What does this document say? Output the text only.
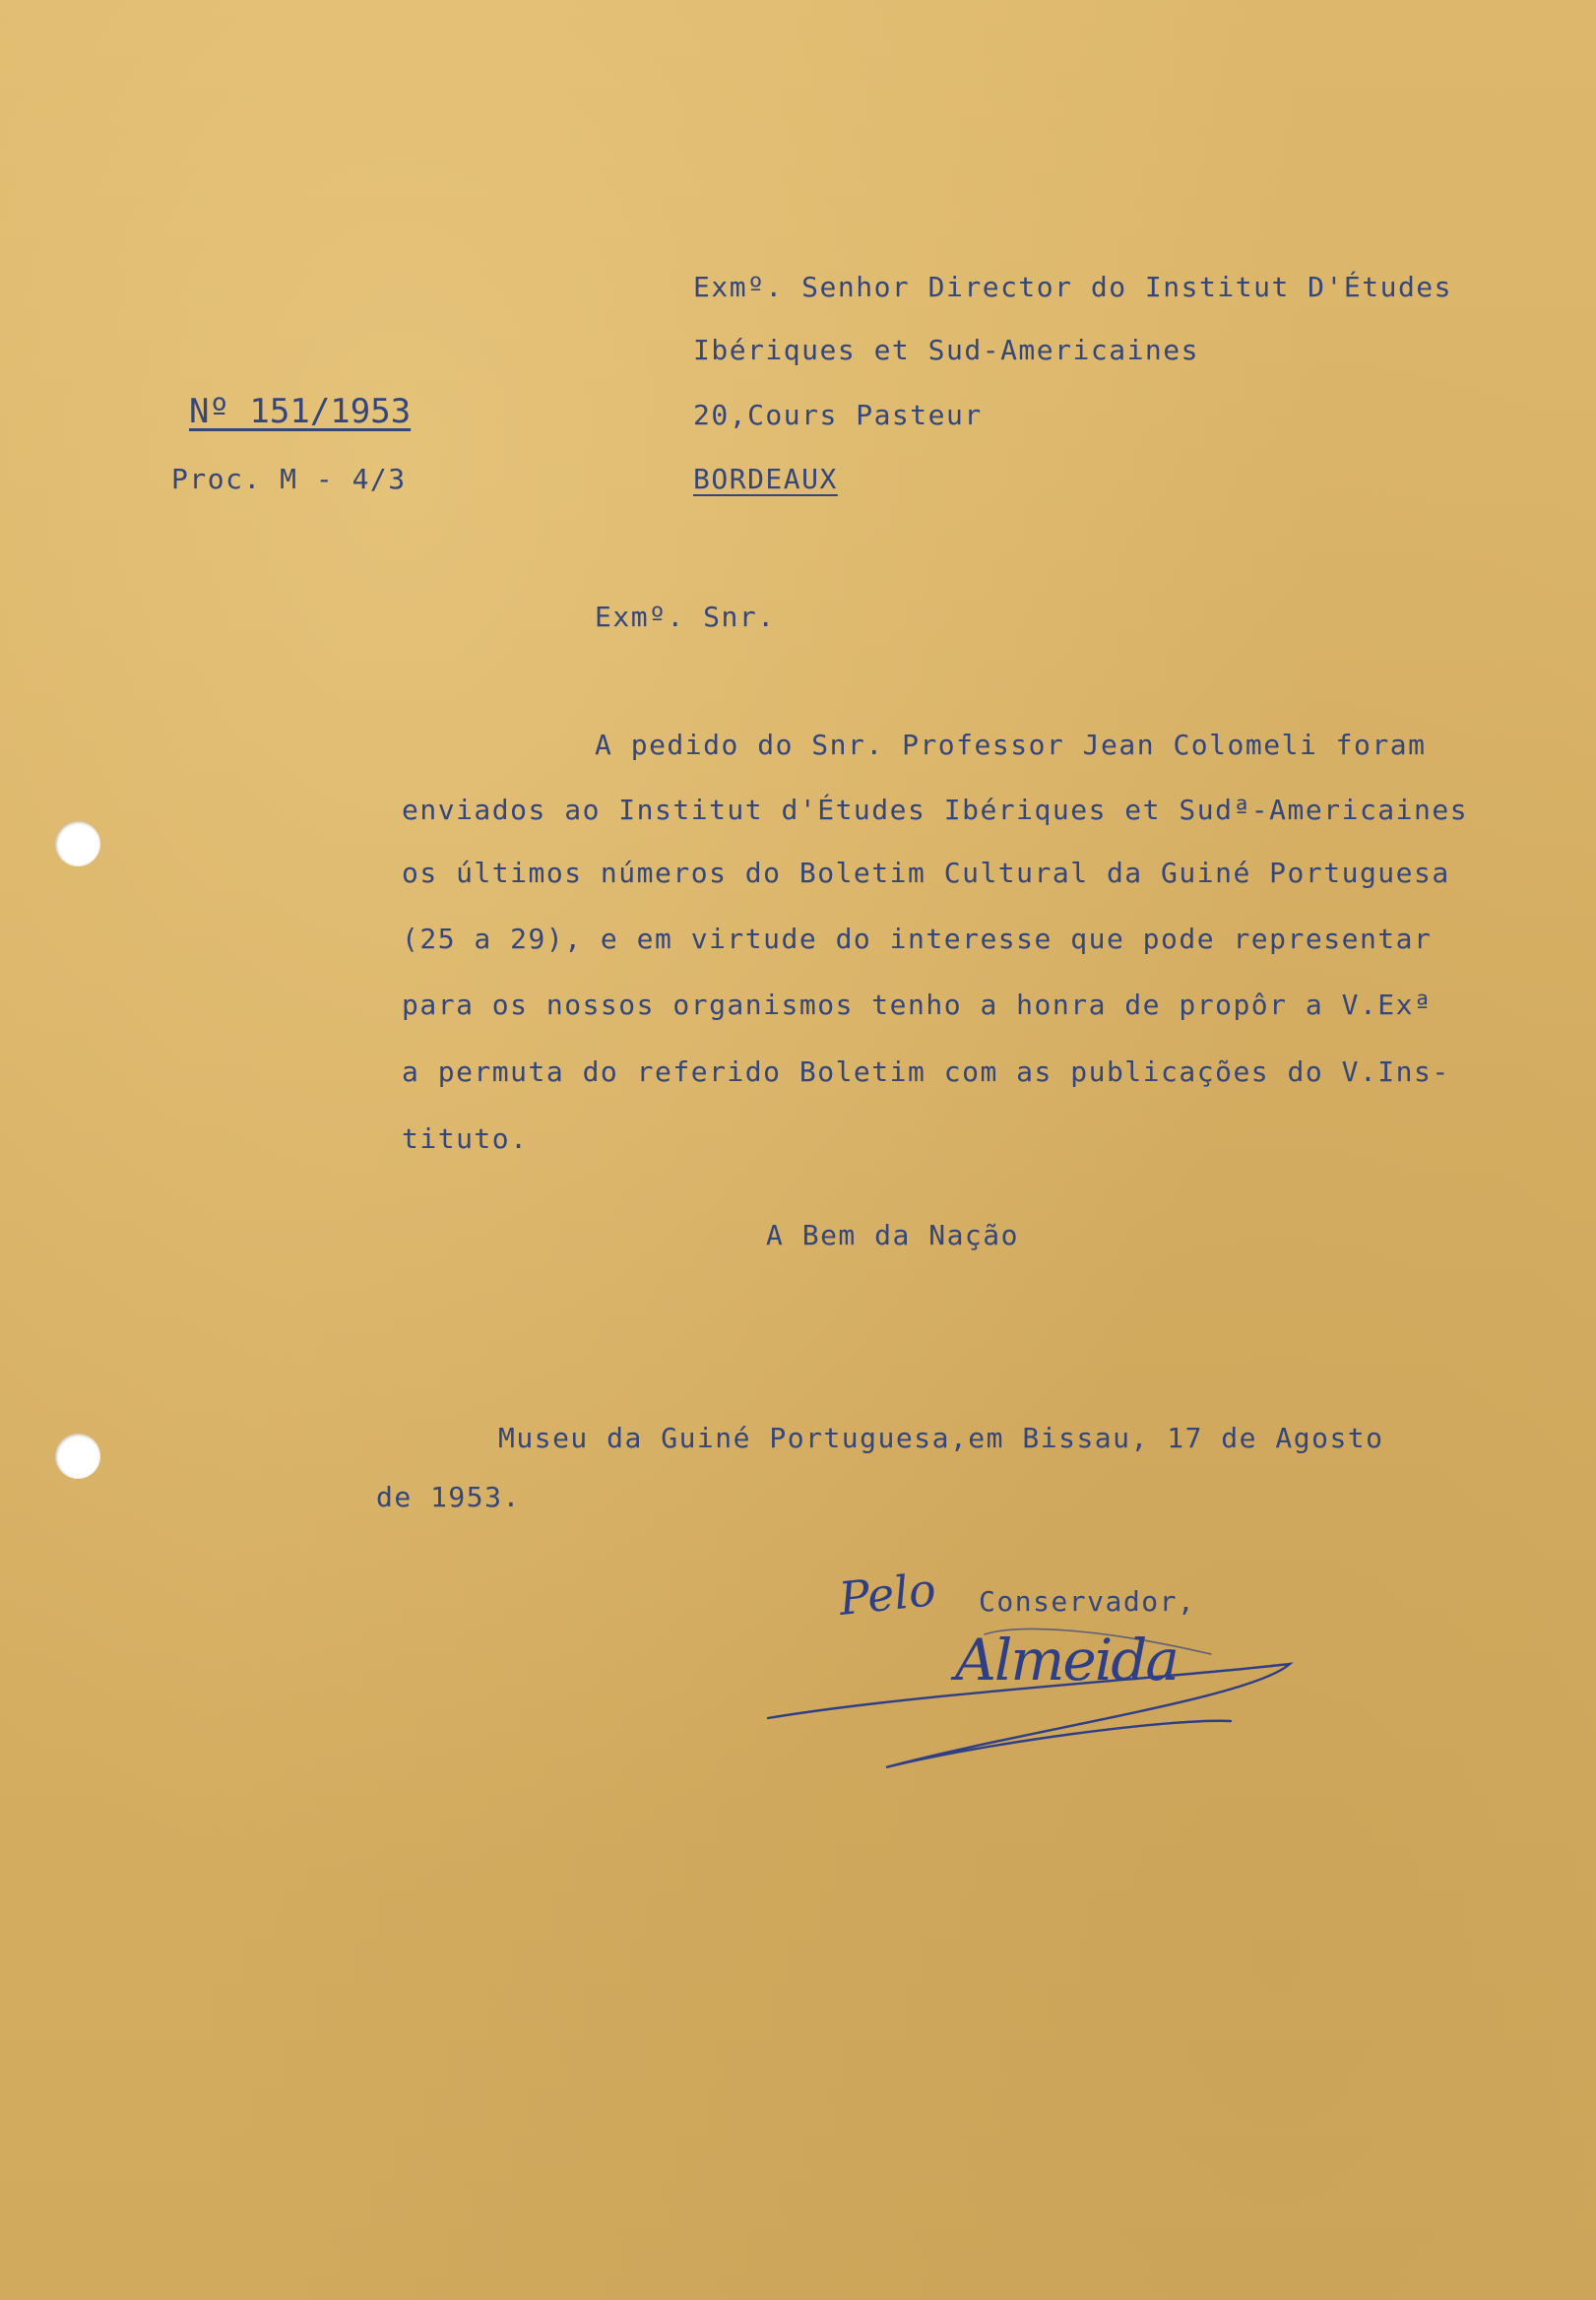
Nº 151/1953
Proc. M - 4/3
Exmº. Senhor Director do Institut D'Études
Ibériques et Sud-Americaines
20,Cours Pasteur
BORDEAUX
Exmº. Snr.
A pedido do Snr. Professor Jean Colomeli foram
enviados ao Institut d'Études Ibériques et Sudª-Americaines
os últimos números do Boletim Cultural da Guiné Portuguesa
(25 a 29), e em virtude do interesse que pode representar
para os nossos organismos tenho a honra de propôr a V.Exª
a permuta do referido Boletim com as publicações do V.Ins-
tituto.
A Bem da Nação
Museu da Guiné Portuguesa,em Bissau, 17 de Agosto
de 1953.
Pelo Conservador,
Almeida
